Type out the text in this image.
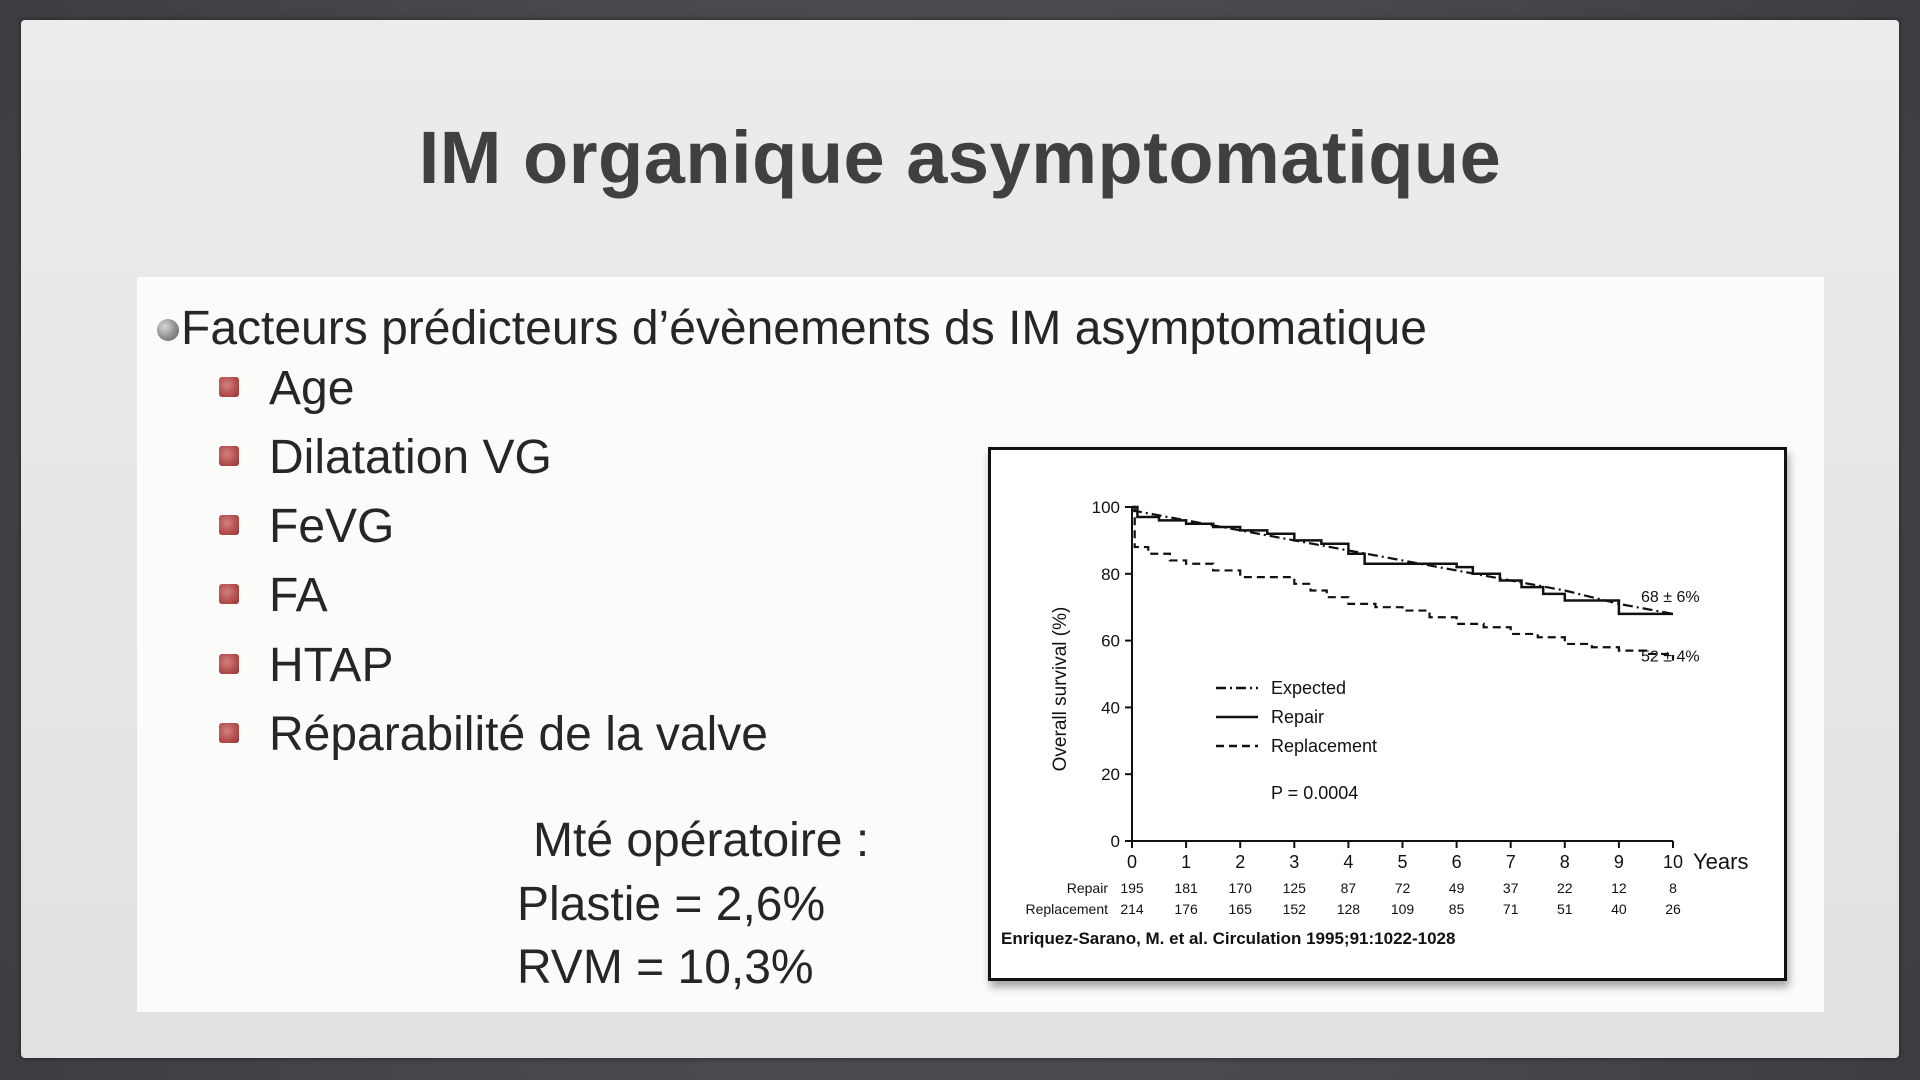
IM organique asymptomatique
Facteurs prédicteurs d’évènements ds IM asymptomatique
Age
Dilatation VG
FeVG
FA
HTAP
Réparabilité de la valve
Mté opératoire :
Plastie = 2,6%
RVM = 10,3%
0
20
40
60
80
100
0 1 2 3 4 5 6 7 8 9 10 Years
Overall survival (%)
68 ± 6%
52 ± 4%
Expected
Repair
Replacement
P = 0.0004
Repair 195 181 170 125 87	72	49	37	22	12	8
Replacement 214 176 165 152 128 109 85	71	51	40	26
Enriquez-Sarano, M. et al. Circulation 1995;91:1022-1028
